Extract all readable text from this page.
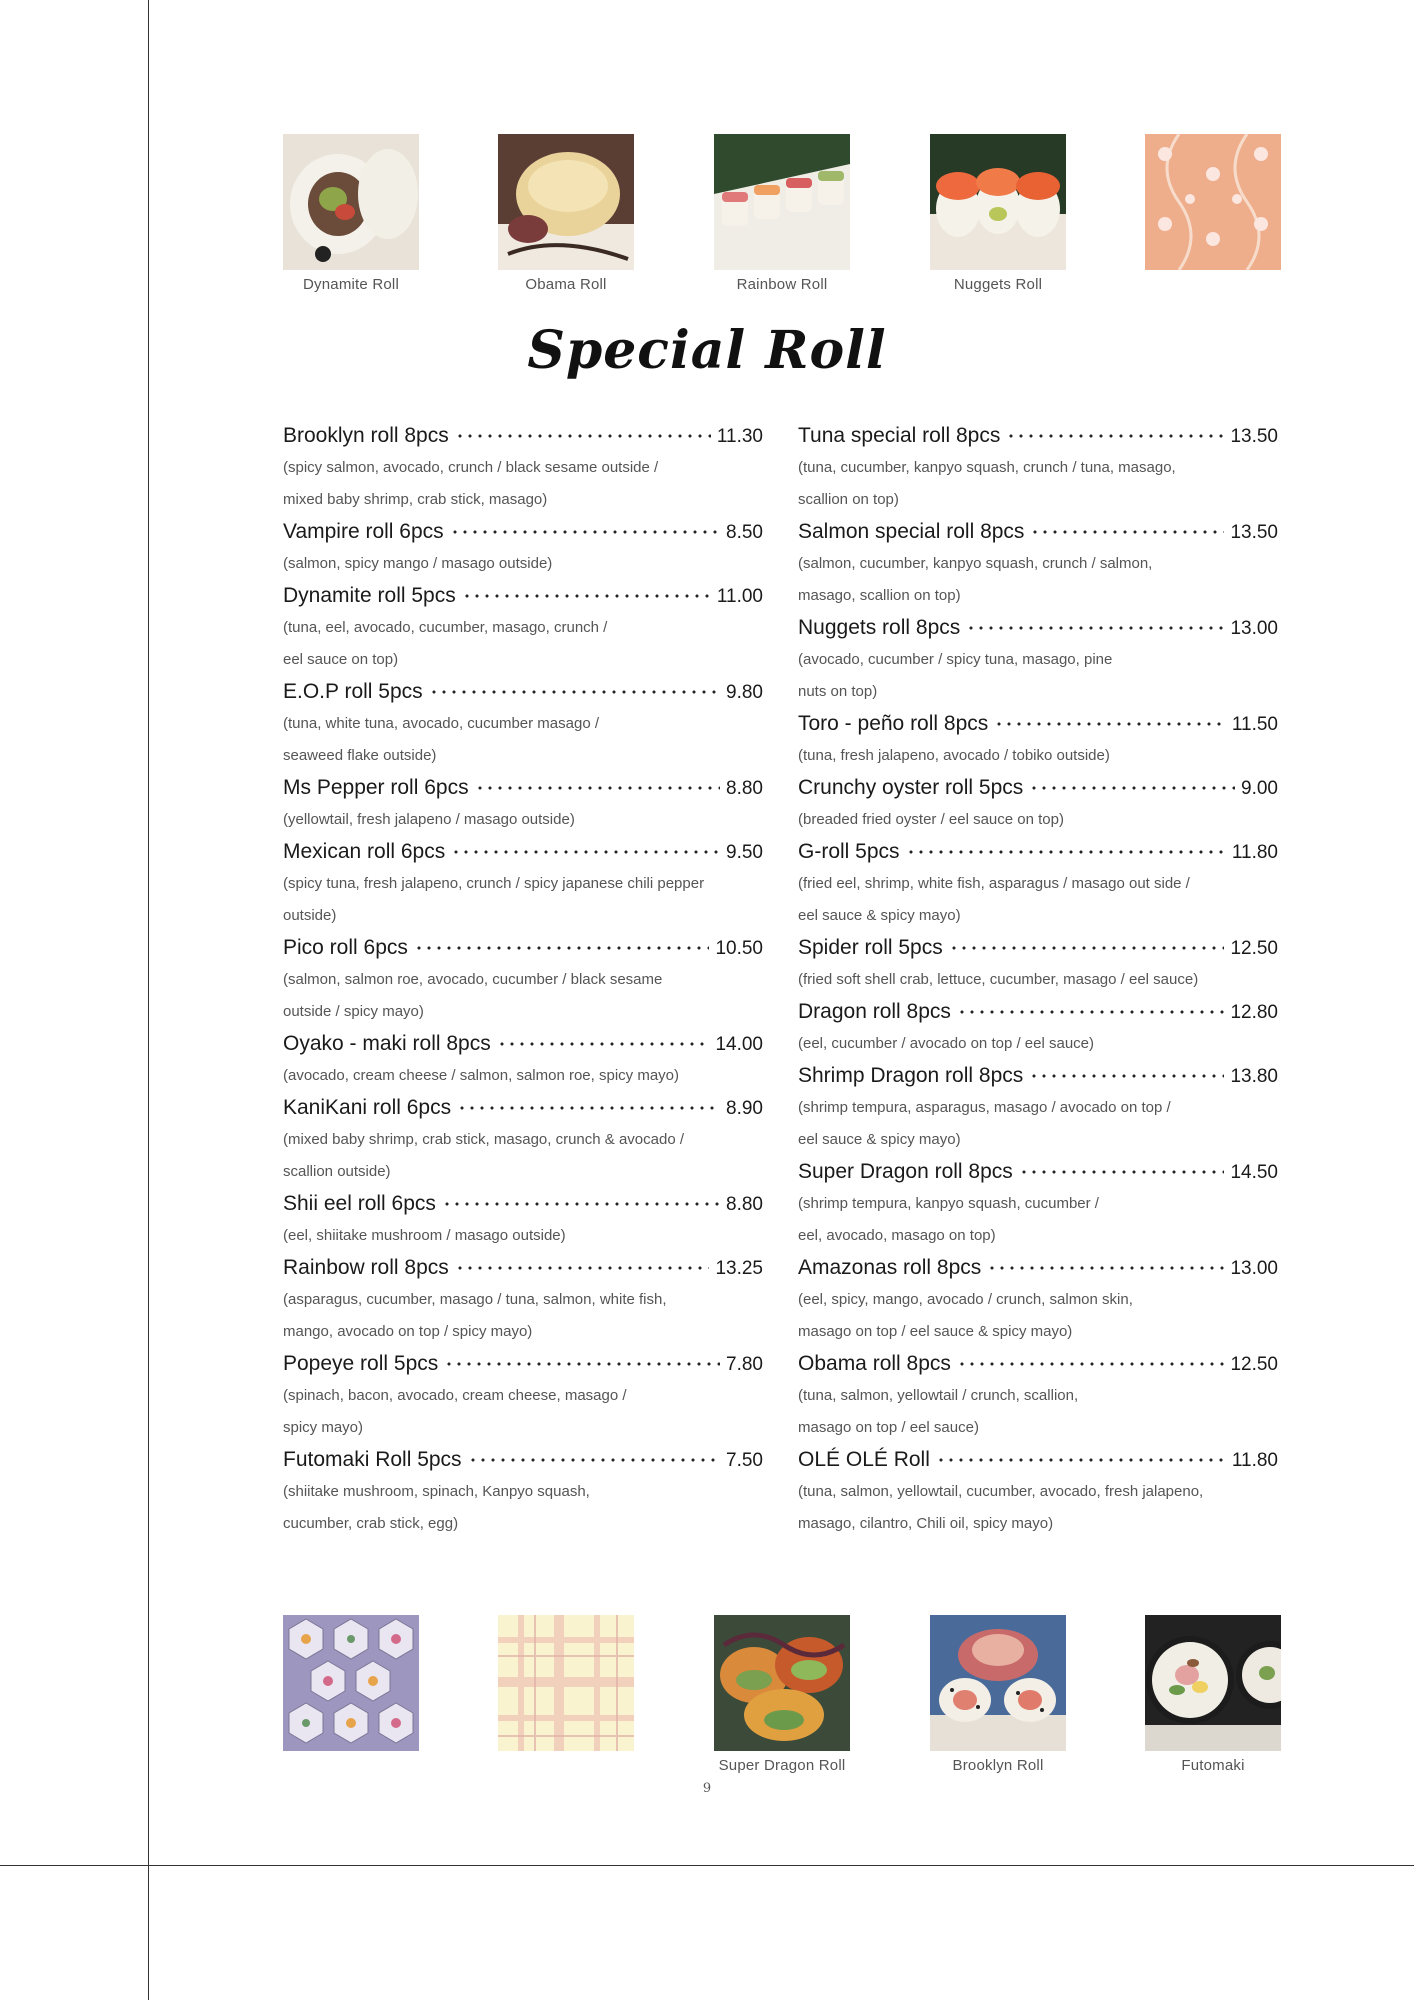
Dynamite Roll	Obama Roll	Rainbow Roll	Nuggets Roll
Special Roll
Brooklyn roll 8pcs	11.30
(spicy salmon, avocado, crunch / black sesame outside /
mixed baby shrimp, crab stick, masago)
Vampire roll 6pcs	8.50
(salmon, spicy mango / masago outside)
Dynamite roll 5pcs	11.00
(tuna, eel, avocado, cucumber, masago, crunch /
eel sauce on top)
E.O.P roll 5pcs	9.80
(tuna, white tuna, avocado, cucumber masago /
seaweed flake outside)
Ms Pepper roll 6pcs	8.80
(yellowtail, fresh jalapeno / masago outside)
Mexican roll 6pcs	9.50
(spicy tuna, fresh jalapeno, crunch / spicy japanese chili pepper
outside)
Pico roll 6pcs	10.50
(salmon, salmon roe, avocado, cucumber / black sesame
outside / spicy mayo)
Oyako - maki roll 8pcs	14.00
(avocado, cream cheese / salmon, salmon roe, spicy mayo)
KaniKani roll 6pcs	8.90
(mixed baby shrimp, crab stick, masago, crunch & avocado /
scallion outside)
Shii eel roll 6pcs	8.80
(eel, shiitake mushroom / masago outside)
Rainbow roll 8pcs	13.25
(asparagus, cucumber, masago / tuna, salmon, white fish,
mango, avocado on top / spicy mayo)
Popeye roll 5pcs	7.80
(spinach, bacon, avocado, cream cheese, masago /
spicy mayo)
Futomaki Roll 5pcs	7.50
(shiitake mushroom, spinach, Kanpyo squash,
cucumber, crab stick, egg)
Tuna special roll 8pcs	13.50
(tuna, cucumber, kanpyo squash, crunch / tuna, masago,
scallion on top)
Salmon special roll 8pcs	13.50
(salmon, cucumber, kanpyo squash, crunch / salmon,
masago, scallion on top)
Nuggets roll 8pcs	13.00
(avocado, cucumber / spicy tuna, masago, pine
nuts on top)
Toro - peño roll 8pcs	11.50
(tuna, fresh jalapeno, avocado / tobiko outside)
Crunchy oyster roll 5pcs	9.00
(breaded fried oyster / eel sauce on top)
G-roll 5pcs	11.80
(fried eel, shrimp, white fish, asparagus / masago out side /
eel sauce & spicy mayo)
Spider roll 5pcs	12.50
(fried soft shell crab, lettuce, cucumber, masago / eel sauce)
Dragon roll 8pcs	12.80
(eel, cucumber / avocado on top / eel sauce)
Shrimp Dragon roll 8pcs	13.80
(shrimp tempura, asparagus, masago / avocado on top /
eel sauce & spicy mayo)
Super Dragon roll 8pcs	14.50
(shrimp tempura, kanpyo squash, cucumber /
eel, avocado, masago on top)
Amazonas roll 8pcs	13.00
(eel, spicy, mango, avocado / crunch, salmon skin,
masago on top / eel sauce & spicy mayo)
Obama roll 8pcs	12.50
(tuna, salmon, yellowtail / crunch, scallion,
masago on top / eel sauce)
OLÉ OLÉ Roll	11.80
(tuna, salmon, yellowtail, cucumber, avocado, fresh jalapeno,
masago, cilantro, Chili oil, spicy mayo)
Super Dragon Roll	Brooklyn Roll	Futomaki
9
